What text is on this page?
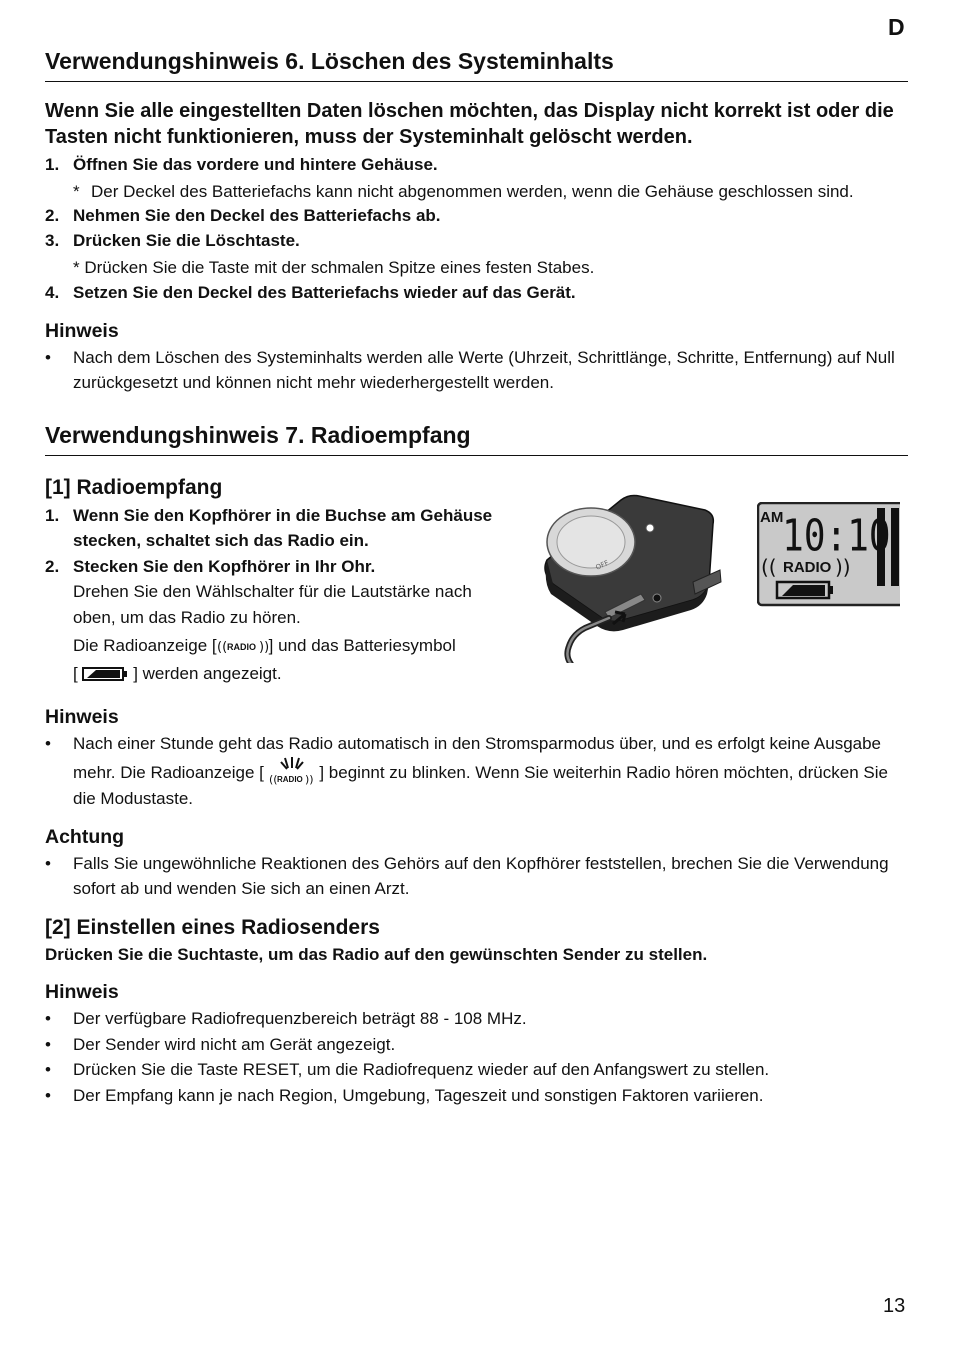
D
Verwendungshinweis 6. Löschen des Systeminhalts
Wenn Sie alle eingestellten Daten löschen möchten, das Display nicht korrekt ist oder die Tasten nicht funktionieren, muss der Systeminhalt gelöscht werden.
1. Öffnen Sie das vordere und hintere Gehäuse.
* Der Deckel des Batteriefachs kann nicht abgenommen werden, wenn die Gehäuse geschlossen sind.
2. Nehmen Sie den Deckel des Batteriefachs ab.
3. Drücken Sie die Löschtaste.
* Drücken Sie die Taste mit der schmalen Spitze eines festen Stabes.
4. Setzen Sie den Deckel des Batteriefachs wieder auf das Gerät.
Hinweis
• Nach dem Löschen des Systeminhalts werden alle Werte (Uhrzeit, Schrittlänge, Schritte, Entfernung) auf Null zurückgesetzt und können nicht mehr wiederhergestellt werden.
Verwendungshinweis 7. Radioempfang
[1] Radioempfang
1. Wenn Sie den Kopfhörer in die Buchse am Gehäuse stecken, schaltet sich das Radio ein.
2. Stecken Sie den Kopfhörer in Ihr Ohr.
Drehen Sie den Wählschalter für die Lautstärke nach oben, um das Radio zu hören.
Die Radioanzeige [ (( RADIO )) ] und das Batteriesymbol
[	] werden angezeigt.
OFF
AM
10:10
(( RADIO ))
Hinweis
• Nach einer Stunde geht das Radio automatisch in den Stromsparmodus über, und es erfolgt keine Ausgabe mehr. Die Radioanzeige [ (( RADIO )) ] beginnt zu blinken. Wenn Sie weiterhin Radio hören möchten, drücken Sie die Modustaste.
Achtung
• Falls Sie ungewöhnliche Reaktionen des Gehörs auf den Kopfhörer feststellen, brechen Sie die Verwendung sofort ab und wenden Sie sich an einen Arzt.
[2] Einstellen eines Radiosenders
Drücken Sie die Suchtaste, um das Radio auf den gewünschten Sender zu stellen.
Hinweis
• Der verfügbare Radiofrequenzbereich beträgt 88 - 108 MHz.
• Der Sender wird nicht am Gerät angezeigt.
• Drücken Sie die Taste RESET, um die Radiofrequenz wieder auf den Anfangswert zu stellen.
• Der Empfang kann je nach Region, Umgebung, Tageszeit und sonstigen Faktoren variieren.
13
